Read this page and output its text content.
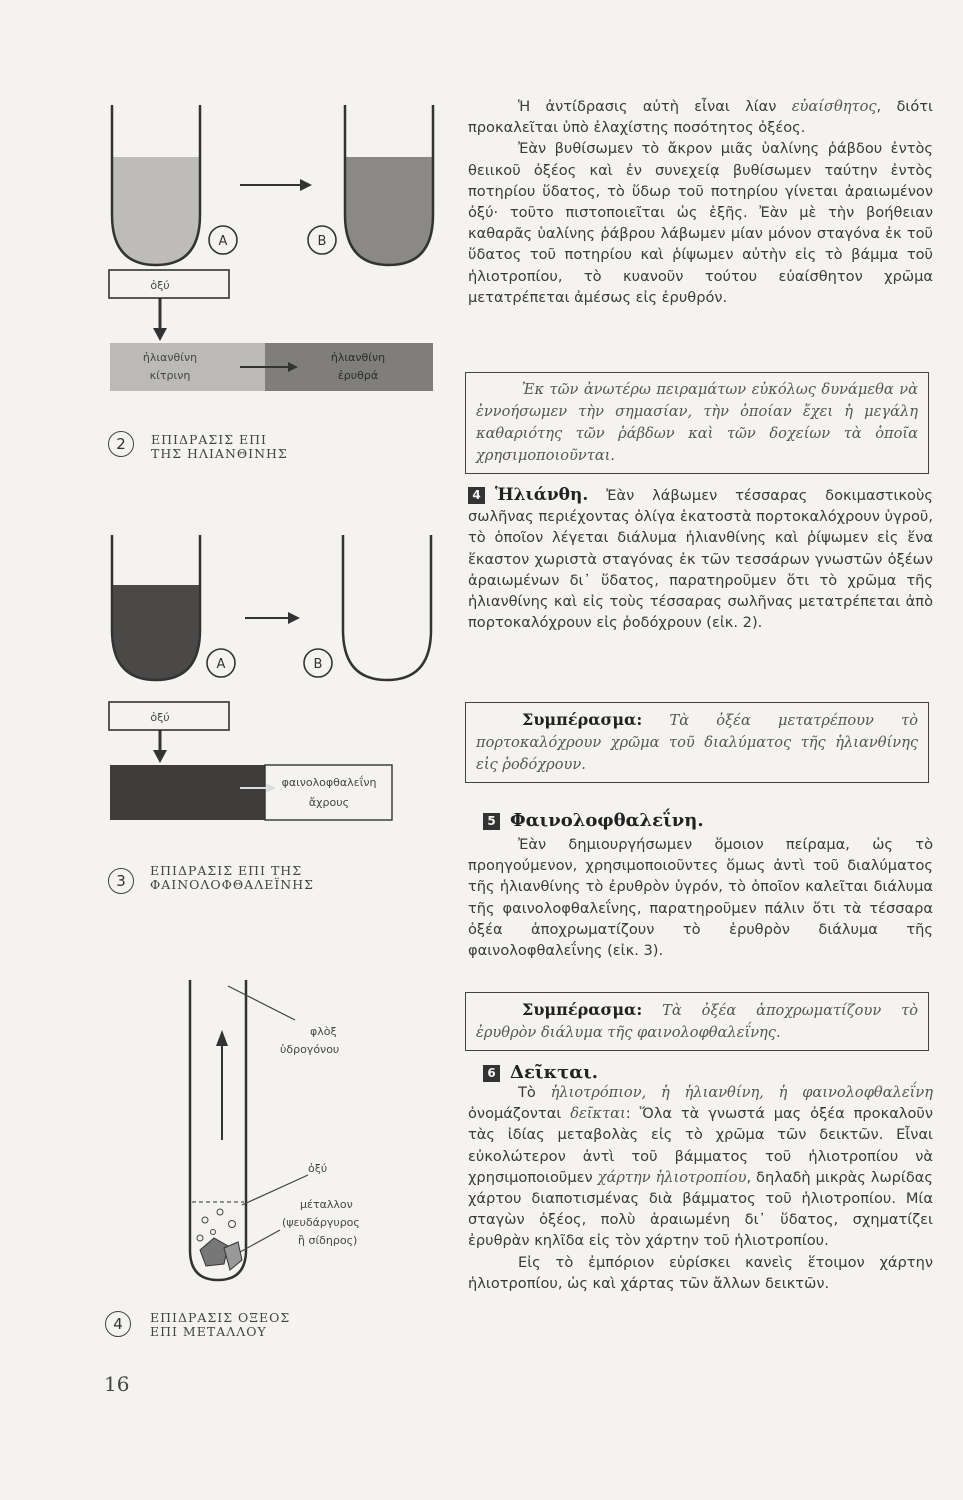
A	B
ὀξύ
ἡλιανθίνη
κίτρινη
ἡλιανθίνη
ἐρυθρά
2	ΕΠΙΔΡΑΣΙΣ ΕΠΙ
ΤΗΣ ΗΛΙΑΝΘΙΝΗΣ
A	B
ὀξύ
φαινολοφθαλεΐνη
ἄχρους
3
ΕΠΙΔΡΑΣΙΣ ΕΠΙ ΤΗΣ
ΦΑΙΝΟΛΟΦΘΑΛΕΪΝΗΣ
φλὸξ
ὑδρογόνου
ὀξύ
μέταλλον
(ψευδάργυρος
ἢ σίδηρος)
4	ΕΠΙΔΡΑΣΙΣ ΟΞΕΟΣ
ΕΠΙ ΜΕΤΑΛΛΟΥ
16

Ἡ ἀντίδρασις αὐτὴ εἶναι λίαν εὐαίσθητος, διότι προκαλεῖται ὑπὸ ἐλαχίστης ποσότητος ὀξέος.

Ἐὰν βυθίσωμεν τὸ ἄκρον μιᾶς ὑαλίνης ῥάβδου ἐντὸς θειικοῦ ὀξέος καὶ ἐν συνεχείᾳ βυθίσωμεν ταύτην ἐντὸς ποτηρίου ὕδατος, τὸ ὕδωρ τοῦ ποτηρίου γίνεται ἀραιωμένον ὀξύ· τοῦτο πιστοποιεῖται ὡς ἑξῆς. Ἐὰν μὲ τὴν βοήθειαν καθαρᾶς ὑαλίνης ῥάβρου λάβωμεν μίαν μόνον σταγόνα ἐκ τοῦ ὕδατος τοῦ ποτηρίου καὶ ῥίψωμεν αὐτὴν εἰς τὸ βάμμα τοῦ ἡλιοτροπίου, τὸ κυανοῦν τούτου εὐαίσθητον χρῶμα μετατρέπεται ἀμέσως εἰς ἐρυθρόν.

Ἐκ τῶν ἀνωτέρω πειραμάτων εὐκόλως δυνάμεθα νὰ ἐννοήσωμεν τὴν σημασίαν, τὴν ὁποίαν ἔχει ἡ μεγάλη καθαριότης τῶν ῥάβδων καὶ τῶν δοχείων τὰ ὁποῖα χρησιμοποιοῦνται.

4 Ἡλιάνθη. Ἐὰν λάβωμεν τέσσαρας δοκιμαστικοὺς σωλῆνας περιέχοντας ὀλίγα ἑκατοστὰ πορτοκαλόχρουν ὑγροῦ, τὸ ὁποῖον λέγεται διάλυμα ἡλιανθίνης καὶ ῥίψωμεν εἰς ἕνα ἕκαστον χωριστὰ σταγόνας ἐκ τῶν τεσσάρων γνωστῶν ὀξέων ἀραιωμένων δι᾽ ὕδατος, παρατηροῦμεν ὅτι τὸ χρῶμα τῆς ἡλιανθίνης καὶ εἰς τοὺς τέσσαρας σωλῆνας μετατρέπεται ἀπὸ πορτοκαλόχρουν εἰς ῥοδόχρουν (εἰκ. 2).

Συμπέρασμα: Τὰ ὀξέα μετατρέπουν τὸ πορτοκαλόχρουν χρῶμα τοῦ διαλύματος τῆς ἡλιανθίνης εἰς ῥοδόχρουν.
5 Φαινολοφθαλεΐνη.

Ἐὰν δημιουργήσωμεν ὅμοιον πείραμα, ὡς τὸ προηγούμενον, χρησιμοποιοῦντες ὅμως ἀντὶ τοῦ διαλύματος τῆς ἡλιανθίνης τὸ ἐρυθρὸν ὑγρόν, τὸ ὁποῖον καλεῖται διάλυμα τῆς φαινολοφθαλεΐνης, παρατηροῦμεν πάλιν ὅτι τὰ τέσσαρα ὀξέα ἀποχρωματίζουν τὸ ἐρυθρὸν διάλυμα τῆς φαινολοφθαλεΐνης (εἰκ. 3).

Συμπέρασμα: Τὰ ὀξέα ἀποχρωματίζουν τὸ ἐρυθρὸν διάλυμα τῆς φαινολοφθαλεΐνης.
6 Δεῖκται.

Τὸ ἡλιοτρόπιον, ἡ ἡλιανθίνη, ἡ φαινολοφθαλεΐνη ὀνομάζονται δεῖκται: Ὅλα τὰ γνωστά μας ὀξέα προκαλοῦν τὰς ἰδίας μεταβολὰς εἰς τὸ χρῶμα τῶν δεικτῶν. Εἶναι εὐκολώτερον ἀντὶ τοῦ βάμματος τοῦ ἡλιοτροπίου νὰ χρησιμοποιοῦμεν χάρτην ἡλιοτροπίου, δηλαδὴ μικρὰς λωρίδας χάρτου διαποτισμένας διὰ βάμματος τοῦ ἡλιοτροπίου. Μία σταγὼν ὀξέος, πολὺ ἀραιωμένη δι᾽ ὕδατος, σχηματίζει ἐρυθρὰν κηλῖδα εἰς τὸν χάρτην τοῦ ἡλιοτροπίου.

Εἰς τὸ ἐμπόριον εὑρίσκει κανεὶς ἕτοιμον χάρτην ἡλιοτροπίου, ὡς καὶ χάρτας τῶν ἄλλων δεικτῶν.
